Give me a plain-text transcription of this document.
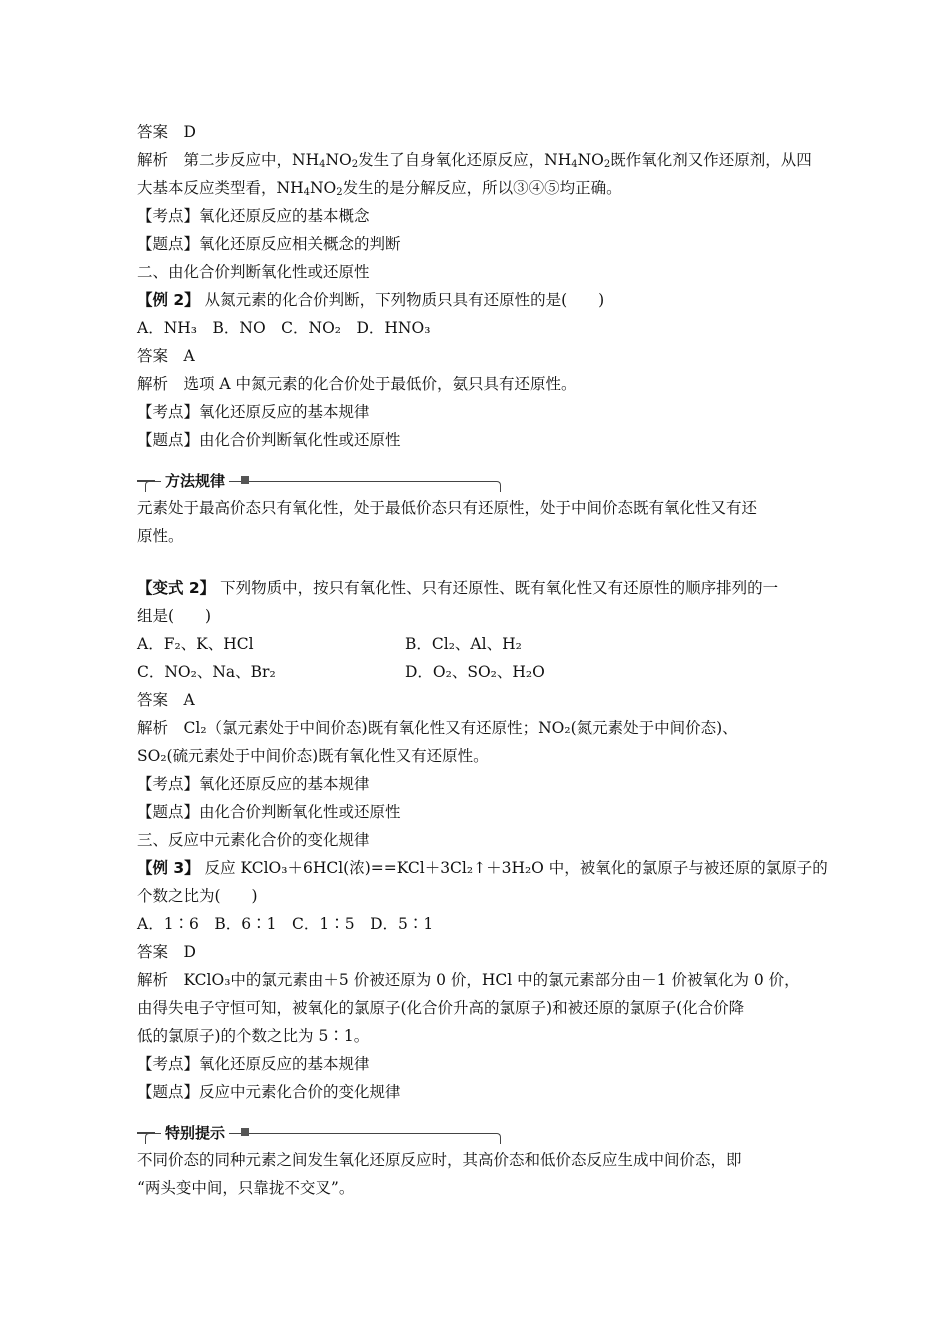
答案　D
解析　第二步反应中，$NH_4NO_2$发生了自身氧化还原反应，$NH_4NO_2$既作氧化剂又作还原剂，从四
大基本反应类型看，$NH_4NO_2$发生的是分解反应，所以③④⑤均正确。
【考点】氧化还原反应的基本概念
【题点】氧化还原反应相关概念的判断
二、由化合价判断氧化性或还原性
【例 2】 从氮元素的化合价判断，下列物质只具有还原性的是(　　)
A．NH₃　B．NO　C．NO₂　D．HNO₃
答案　A
解析　选项 A 中氮元素的化合价处于最低价，氨只具有还原性。
【考点】氧化还原反应的基本规律
【题点】由化合价判断氧化性或还原性
方法规律
元素处于最高价态只有氧化性，处于最低价态只有还原性，处于中间价态既有氧化性又有还
原性。
【变式 2】 下列物质中，按只有氧化性、只有还原性、既有氧化性又有还原性的顺序排列的一
组是(　　)
A．F₂、K、HCl	B．Cl₂、Al、H₂
C．NO₂、Na、Br₂	D．O₂、SO₂、H₂O
答案　A
解析　Cl₂（氯元素处于中间价态)既有氧化性又有还原性；NO₂(氮元素处于中间价态)、
SO₂(硫元素处于中间价态)既有氧化性又有还原性。
【考点】氧化还原反应的基本规律
【题点】由化合价判断氧化性或还原性
三、反应中元素化合价的变化规律
【例 3】 反应 KClO₃＋6HCl(浓)==KCl＋3Cl₂↑＋3H₂O 中，被氧化的氯原子与被还原的氯原子的
个数之比为(　　)
A．1∶6　B．6∶1　C．1∶5　D．5∶1
答案　D
解析　KClO₃中的氯元素由＋5 价被还原为 0 价，HCl 中的氯元素部分由－1 价被氧化为 0 价，
由得失电子守恒可知，被氧化的氯原子(化合价升高的氯原子)和被还原的氯原子(化合价降
低的氯原子)的个数之比为 5∶1。
【考点】氧化还原反应的基本规律
【题点】反应中元素化合价的变化规律
特别提示
不同价态的同种元素之间发生氧化还原反应时，其高价态和低价态反应生成中间价态，即
“两头变中间，只靠拢不交叉”。
